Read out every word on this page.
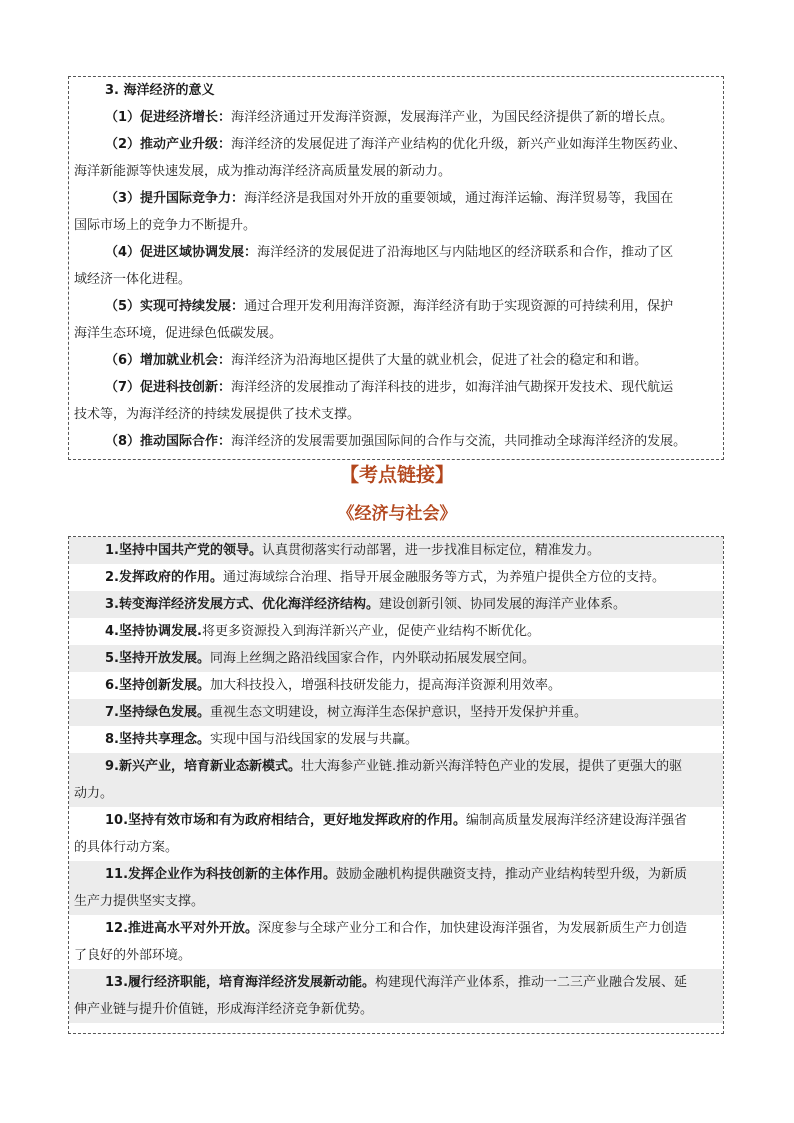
3. 海洋经济的意义
（1）促进经济增长：海洋经济通过开发海洋资源，发展海洋产业，为国民经济提供了新的增长点。
（2）推动产业升级：海洋经济的发展促进了海洋产业结构的优化升级，新兴产业如海洋生物医药业、
海洋新能源等快速发展，成为推动海洋经济高质量发展的新动力。
（3）提升国际竞争力：海洋经济是我国对外开放的重要领域，通过海洋运输、海洋贸易等，我国在
国际市场上的竞争力不断提升。
（4）促进区域协调发展：海洋经济的发展促进了沿海地区与内陆地区的经济联系和合作，推动了区
域经济一体化进程。
（5）实现可持续发展：通过合理开发利用海洋资源，海洋经济有助于实现资源的可持续利用，保护
海洋生态环境，促进绿色低碳发展。
（6）增加就业机会：海洋经济为沿海地区提供了大量的就业机会，促进了社会的稳定和和谐。
（7）促进科技创新：海洋经济的发展推动了海洋科技的进步，如海洋油气勘探开发技术、现代航运
技术等，为海洋经济的持续发展提供了技术支撑。
（8）推动国际合作：海洋经济的发展需要加强国际间的合作与交流，共同推动全球海洋经济的发展。
【考点链接】
《经济与社会》
1.坚持中国共产党的领导。认真贯彻落实行动部署，进一步找准目标定位，精准发力。
2.发挥政府的作用。通过海域综合治理、指导开展金融服务等方式，为养殖户提供全方位的支持。
3.转变海洋经济发展方式、优化海洋经济结构。建设创新引领、协同发展的海洋产业体系。
4.坚持协调发展.将更多资源投入到海洋新兴产业，促使产业结构不断优化。
5.坚持开放发展。同海上丝绸之路沿线国家合作，内外联动拓展发展空间。
6.坚持创新发展。加大科技投入，增强科技研发能力，提高海洋资源利用效率。
7.坚持绿色发展。重视生态文明建设，树立海洋生态保护意识，坚持开发保护并重。
8.坚持共享理念。实现中国与沿线国家的发展与共赢。
9.新兴产业，培育新业态新模式。壮大海参产业链.推动新兴海洋特色产业的发展，提供了更强大的驱
动力。
10.坚持有效市场和有为政府相结合，更好地发挥政府的作用。编制高质量发展海洋经济建设海洋强省
的具体行动方案。
11.发挥企业作为科技创新的主体作用。鼓励金融机构提供融资支持，推动产业结构转型升级，为新质
生产力提供坚实支撑。
12.推进高水平对外开放。深度参与全球产业分工和合作，加快建设海洋强省，为发展新质生产力创造
了良好的外部环境。
13.履行经济职能，培育海洋经济发展新动能。构建现代海洋产业体系，推动一二三产业融合发展、延
伸产业链与提升价值链，形成海洋经济竞争新优势。
